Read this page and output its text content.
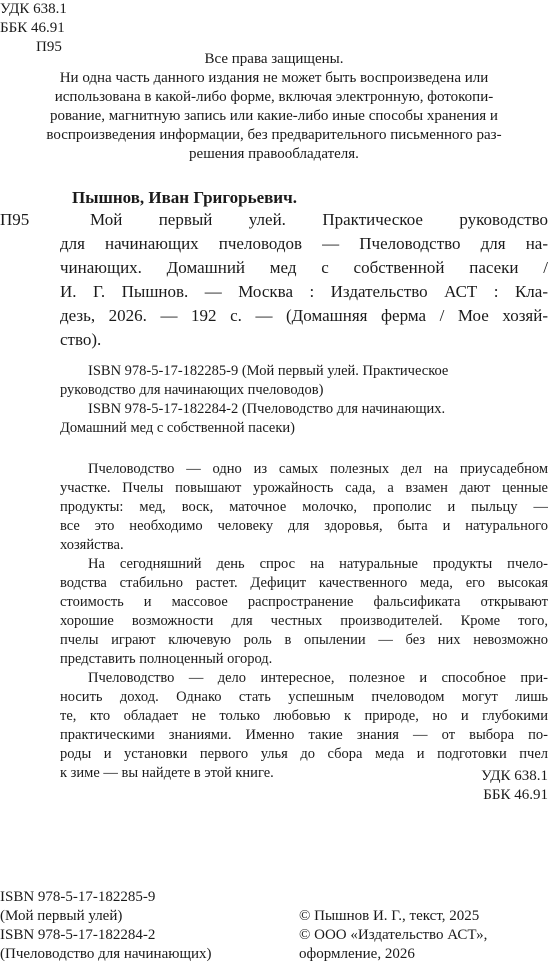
УДК 638.1
ББК 46.91
П95
Все права защищены.
Ни одна часть данного издания не может быть воспроизведена или
использована в какой-либо форме, включая электронную, фотокопи-
рование, магнитную запись или какие-либо иные способы хранения и
воспроизведения информации, без предварительного письменного раз-
решения правообладателя.
Пышнов, Иван Григорьевич.
П95	Мой первый улей. Практическое руководство
для начинающих пчеловодов — Пчеловодство для на-
чинающих. Домашний мед с собственной пасеки /
И. Г. Пышнов. — Москва : Издательство АСТ : Кла-
дезь, 2026. — 192 с. — (Домашняя ферма / Мое хозяй-
ство).
ISBN 978-5-17-182285-9 (Мой первый улей. Практическое
руководство для начинающих пчеловодов)
ISBN 978-5-17-182284-2 (Пчеловодство для начинающих.
Домашний мед с собственной пасеки)
Пчеловодство — одно из самых полезных дел на приусадебном
участке. Пчелы повышают урожайность сада, а взамен дают ценные
продукты: мед, воск, маточное молочко, прополис и пыльцу —
все это необходимо человеку для здоровья, быта и натурального
хозяйства.
На сегодняшний день спрос на натуральные продукты пчело-
водства стабильно растет. Дефицит качественного меда, его высокая
стоимость и массовое распространение фальсификата открывают
хорошие возможности для честных производителей. Кроме того,
пчелы играют ключевую роль в опылении — без них невозможно
представить полноценный огород.
Пчеловодство — дело интересное, полезное и способное при-
носить доход. Однако стать успешным пчеловодом могут лишь
те, кто обладает не только любовью к природе, но и глубокими
практическими знаниями. Именно такие знания — от выбора по-
роды и установки первого улья до сбора меда и подготовки пчел
к зиме — вы найдете в этой книге.	УДК 638.1
ББК 46.91
ISBN 978-5-17-182285-9
(Мой первый улей)
ISBN 978-5-17-182284-2
(Пчеловодство для начинающих)
© Пышнов И. Г., текст, 2025
© ООО «Издательство АСТ»,
оформление, 2026
